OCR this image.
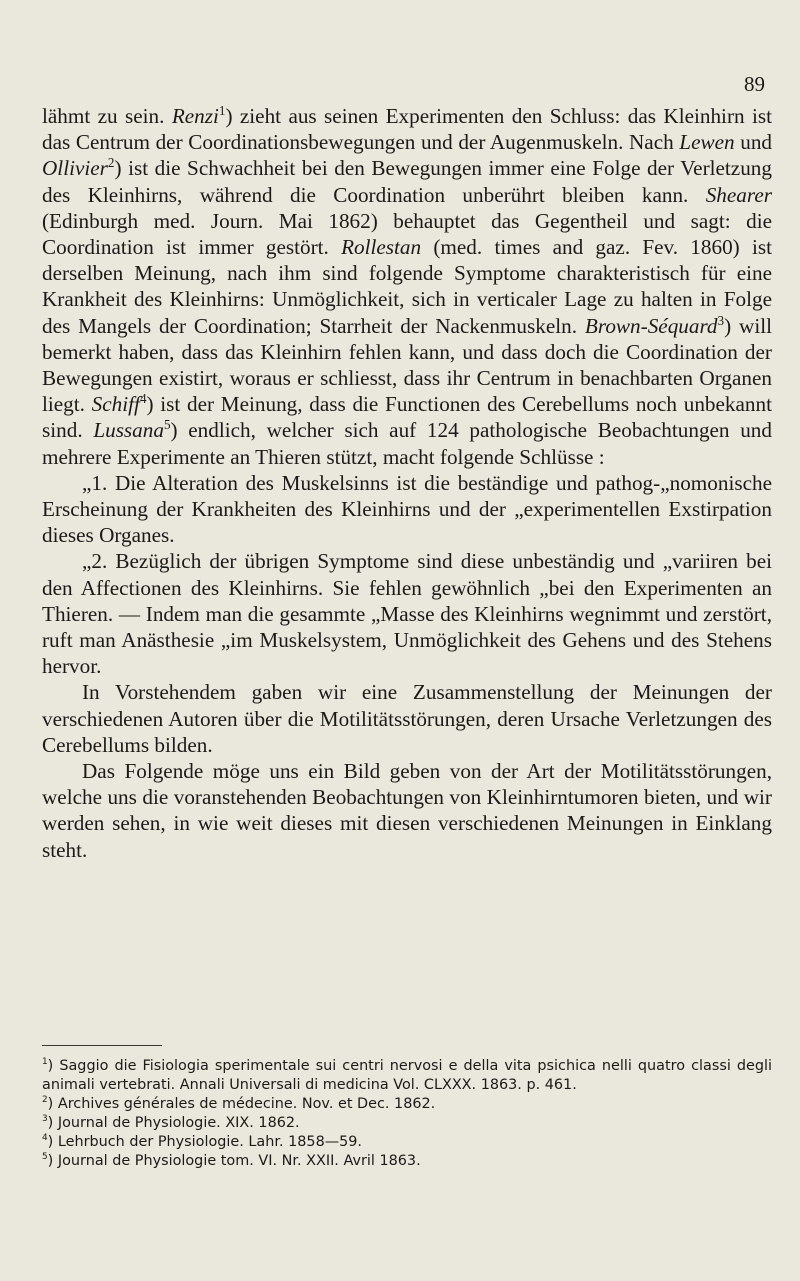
89

lähmt zu sein. Renzi$^1$) zieht aus seinen Experimenten den Schluss: das Kleinhirn ist das Centrum der Coordinationsbewegungen und der Augenmuskeln. Nach Lewen und Ollivier$^2$) ist die Schwachheit bei den Bewegungen immer eine Folge der Verletzung des Kleinhirns, während die Coordination unberührt bleiben kann. Shearer (Edinburgh med. Journ. Mai 1862) behauptet das Gegentheil und sagt: die Coordination ist immer gestört. Rollestan (med. times and gaz. Fev. 1860) ist derselben Meinung, nach ihm sind folgende Symptome charakteristisch für eine Krankheit des Kleinhirns: Unmöglichkeit, sich in verticaler Lage zu halten in Folge des Mangels der Coordination; Starrheit der Nackenmuskeln. Brown-Séquard$^3$) will bemerkt haben, dass das Kleinhirn fehlen kann, und dass doch die Coordination der Bewegungen existirt, woraus er schliesst, dass ihr Centrum in benachbarten Organen liegt. Schiff$^4$) ist der Meinung, dass die Functionen des Cerebellums noch unbekannt sind. Lussana$^5$) endlich, welcher sich auf 124 pathologische Beobachtungen und mehrere Experimente an Thieren stützt, macht folgende Schlüsse :

„1. Die Alteration des Muskelsinns ist die beständige und pathog-„nomonische Erscheinung der Krankheiten des Kleinhirns und der „experimentellen Exstirpation dieses Organes.

„2. Bezüglich der übrigen Symptome sind diese unbeständig und „variiren bei den Affectionen des Kleinhirns. Sie fehlen gewöhnlich „bei den Experimenten an Thieren. — Indem man die gesammte „Masse des Kleinhirns wegnimmt und zerstört, ruft man Anästhesie „im Muskelsystem, Unmöglichkeit des Gehens und des Stehens hervor.

In Vorstehendem gaben wir eine Zusammenstellung der Meinungen der verschiedenen Autoren über die Motilitätsstörungen, deren Ursache Verletzungen des Cerebellums bilden.

Das Folgende möge uns ein Bild geben von der Art der Motilitätsstörungen, welche uns die voranstehenden Beobachtungen von Kleinhirntumoren bieten, und wir werden sehen, in wie weit dieses mit diesen verschiedenen Meinungen in Einklang steht.

$^1$) Saggio die Fisiologia sperimentale sui centri nervosi e della vita psichica nelli quatro classi degli animali vertebrati. Annali Universali di medicina Vol. CLXXX. 1863. p. 461.

$^2$) Archives générales de médecine. Nov. et Dec. 1862.

$^3$) Journal de Physiologie. XIX. 1862.

$^4$) Lehrbuch der Physiologie. Lahr. 1858—59.

$^5$) Journal de Physiologie tom. VI. Nr. XXII. Avril 1863.
